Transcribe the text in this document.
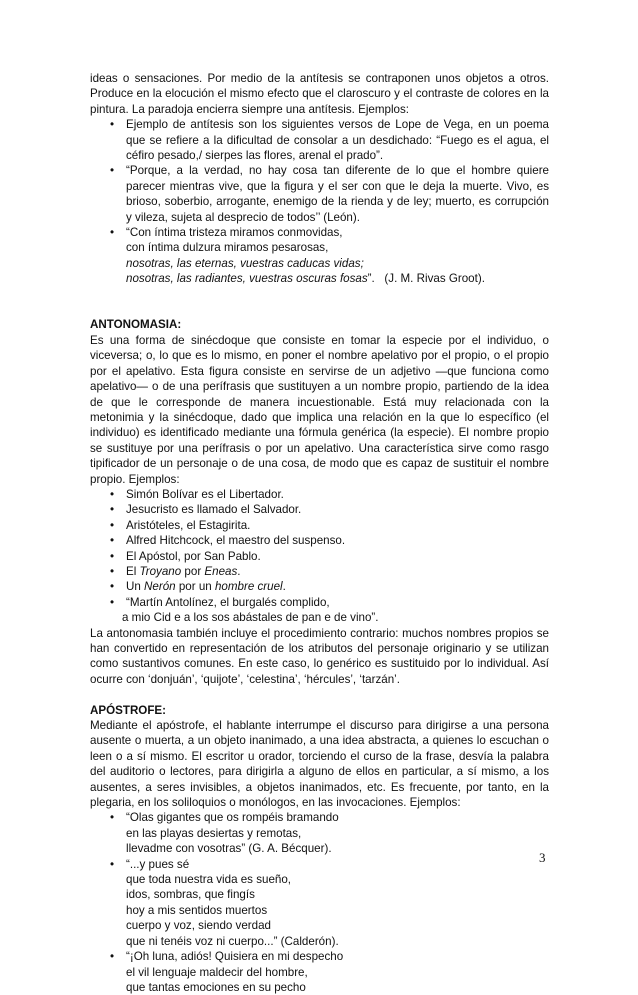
ideas o sensaciones. Por medio de la antítesis se contraponen unos objetos a otros. Produce en la elocución el mismo efecto que el claroscuro y el contraste de colores en la pintura. La paradoja encierra siempre una antítesis. Ejemplos:

• Ejemplo de antítesis son los siguientes versos de Lope de Vega, en un poema que se refiere a la dificultad de consolar a un desdichado: “Fuego es el agua, el céfiro pesado,/ sierpes las flores, arenal el prado”.
• “Porque, a la verdad, no hay cosa tan diferente de lo que el hombre quiere parecer mientras vive, que la figura y el ser con que le deja la muerte. Vivo, es brioso, soberbio, arrogante, enemigo de la rienda y de ley; muerto, es corrupción y vileza, sujeta al desprecio de todos’’ (León).
• “Con íntima tristeza miramos conmovidas,
con íntima dulzura miramos pesarosas,
nosotras, las eternas, vuestras caducas vidas;
nosotras, las radiantes, vuestras oscuras fosas”. (J. M. Rivas Groot).

ANTONOMASIA:

Es una forma de sinécdoque que consiste en tomar la especie por el individuo, o viceversa; o, lo que es lo mismo, en poner el nombre apelativo por el propio, o el propio por el apelativo. Esta figura consiste en servirse de un adjetivo —que funciona como apelativo— o de una perífrasis que sustituyen a un nombre propio, partiendo de la idea de que le corresponde de manera incuestionable. Está muy relacionada con la metonimia y la sinécdoque, dado que implica una relación en la que lo específico (el individuo) es identificado mediante una fórmula genérica (la especie). El nombre propio se sustituye por una perífrasis o por un apelativo. Una característica sirve como rasgo tipificador de un personaje o de una cosa, de modo que es capaz de sustituir el nombre propio. Ejemplos:

• Simón Bolívar es el Libertador.
• Jesucristo es llamado el Salvador.
• Aristóteles, el Estagirita.
• Alfred Hitchcock, el maestro del suspenso.
• El Apóstol, por San Pablo.
• El Troyano por Eneas.
• Un Nerón por un hombre cruel.
• “Martín Antolínez, el burgalés complido,
a mio Cid e a los sos abástales de pan e de vino”.

La antonomasia también incluye el procedimiento contrario: muchos nombres propios se han convertido en representación de los atributos del personaje originario y se utilizan como sustantivos comunes. En este caso, lo genérico es sustituido por lo individual. Así ocurre con ‘donjuán’, ‘quijote’, ‘celestina’, ‘hércules’, ‘tarzán’.

APÓSTROFE:

Mediante el apóstrofe, el hablante interrumpe el discurso para dirigirse a una persona ausente o muerta, a un objeto inanimado, a una idea abstracta, a quienes lo escuchan o leen o a sí mismo. El escritor u orador, torciendo el curso de la frase, desvía la palabra del auditorio o lectores, para dirigirla a alguno de ellos en particular, a sí mismo, a los ausentes, a seres invisibles, a objetos inanimados, etc. Es frecuente, por tanto, en la plegaria, en los soliloquios o monólogos, en las invocaciones. Ejemplos:

• “Olas gigantes que os rompéis bramando
en las playas desiertas y remotas,
llevadme con vosotras” (G. A. Bécquer).
• “...y pues sé
que toda nuestra vida es sueño,
idos, sombras, que fingís
hoy a mis sentidos muertos
cuerpo y voz, siendo verdad
que ni tenéis voz ni cuerpo...” (Calderón).
• “¡Oh luna, adiós! Quisiera en mi despecho
el vil lenguaje maldecir del hombre,
que tantas emociones en su pecho
3
